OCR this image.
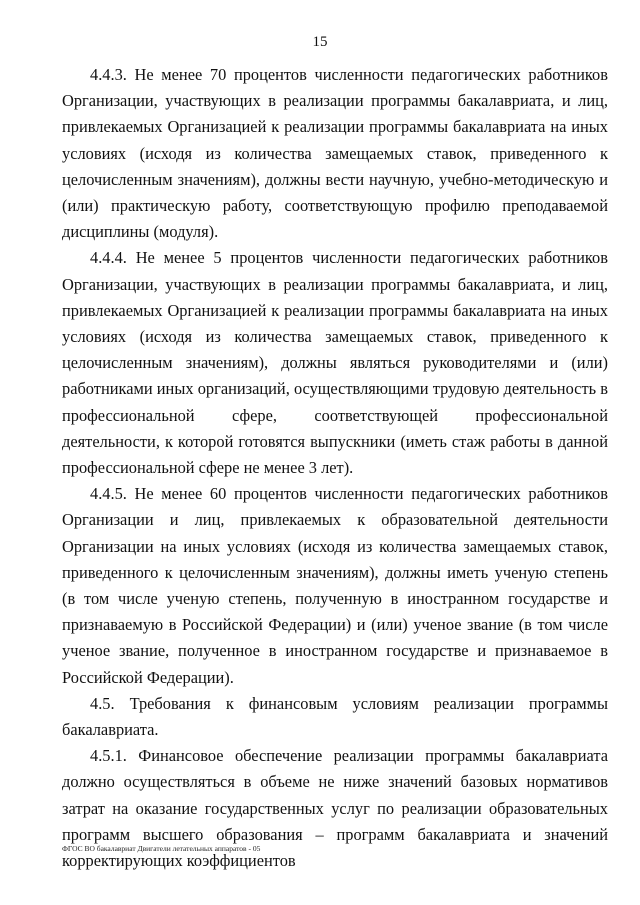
15

4.4.3. Не менее 70 процентов численности педагогических работников Организации, участвующих в реализации программы бакалавриата, и лиц, привлекаемых Организацией к реализации программы бакалавриата на иных условиях (исходя из количества замещаемых ставок, приведенного к целочисленным значениям), должны вести научную, учебно-методическую и (или) практическую работу, соответствующую профилю преподаваемой дисциплины (модуля).

4.4.4. Не менее 5 процентов численности педагогических работников Организации, участвующих в реализации программы бакалавриата, и лиц, привлекаемых Организацией к реализации программы бакалавриата на иных условиях (исходя из количества замещаемых ставок, приведенного к целочисленным значениям), должны являться руководителями и (или) работниками иных организаций, осуществляющими трудовую деятельность в профессиональной сфере, соответствующей профессиональной деятельности, к которой готовятся выпускники (иметь стаж работы в данной профессиональной сфере не менее 3 лет).

4.4.5. Не менее 60 процентов численности педагогических работников Организации и лиц, привлекаемых к образовательной деятельности Организации на иных условиях (исходя из количества замещаемых ставок, приведенного к целочисленным значениям), должны иметь ученую степень (в том числе ученую степень, полученную в иностранном государстве и признаваемую в Российской Федерации) и (или) ученое звание (в том числе ученое звание, полученное в иностранном государстве и признаваемое в Российской Федерации).

4.5. Требования к финансовым условиям реализации программы бакалавриата.

4.5.1. Финансовое обеспечение реализации программы бакалавриата должно осуществляться в объеме не ниже значений базовых нормативов затрат на оказание государственных услуг по реализации образовательных программ высшего образования – программ бакалавриата и значений корректирующих коэффициентов

ФГОС ВО бакалавриат Двигатели летательных аппаратов - 05
